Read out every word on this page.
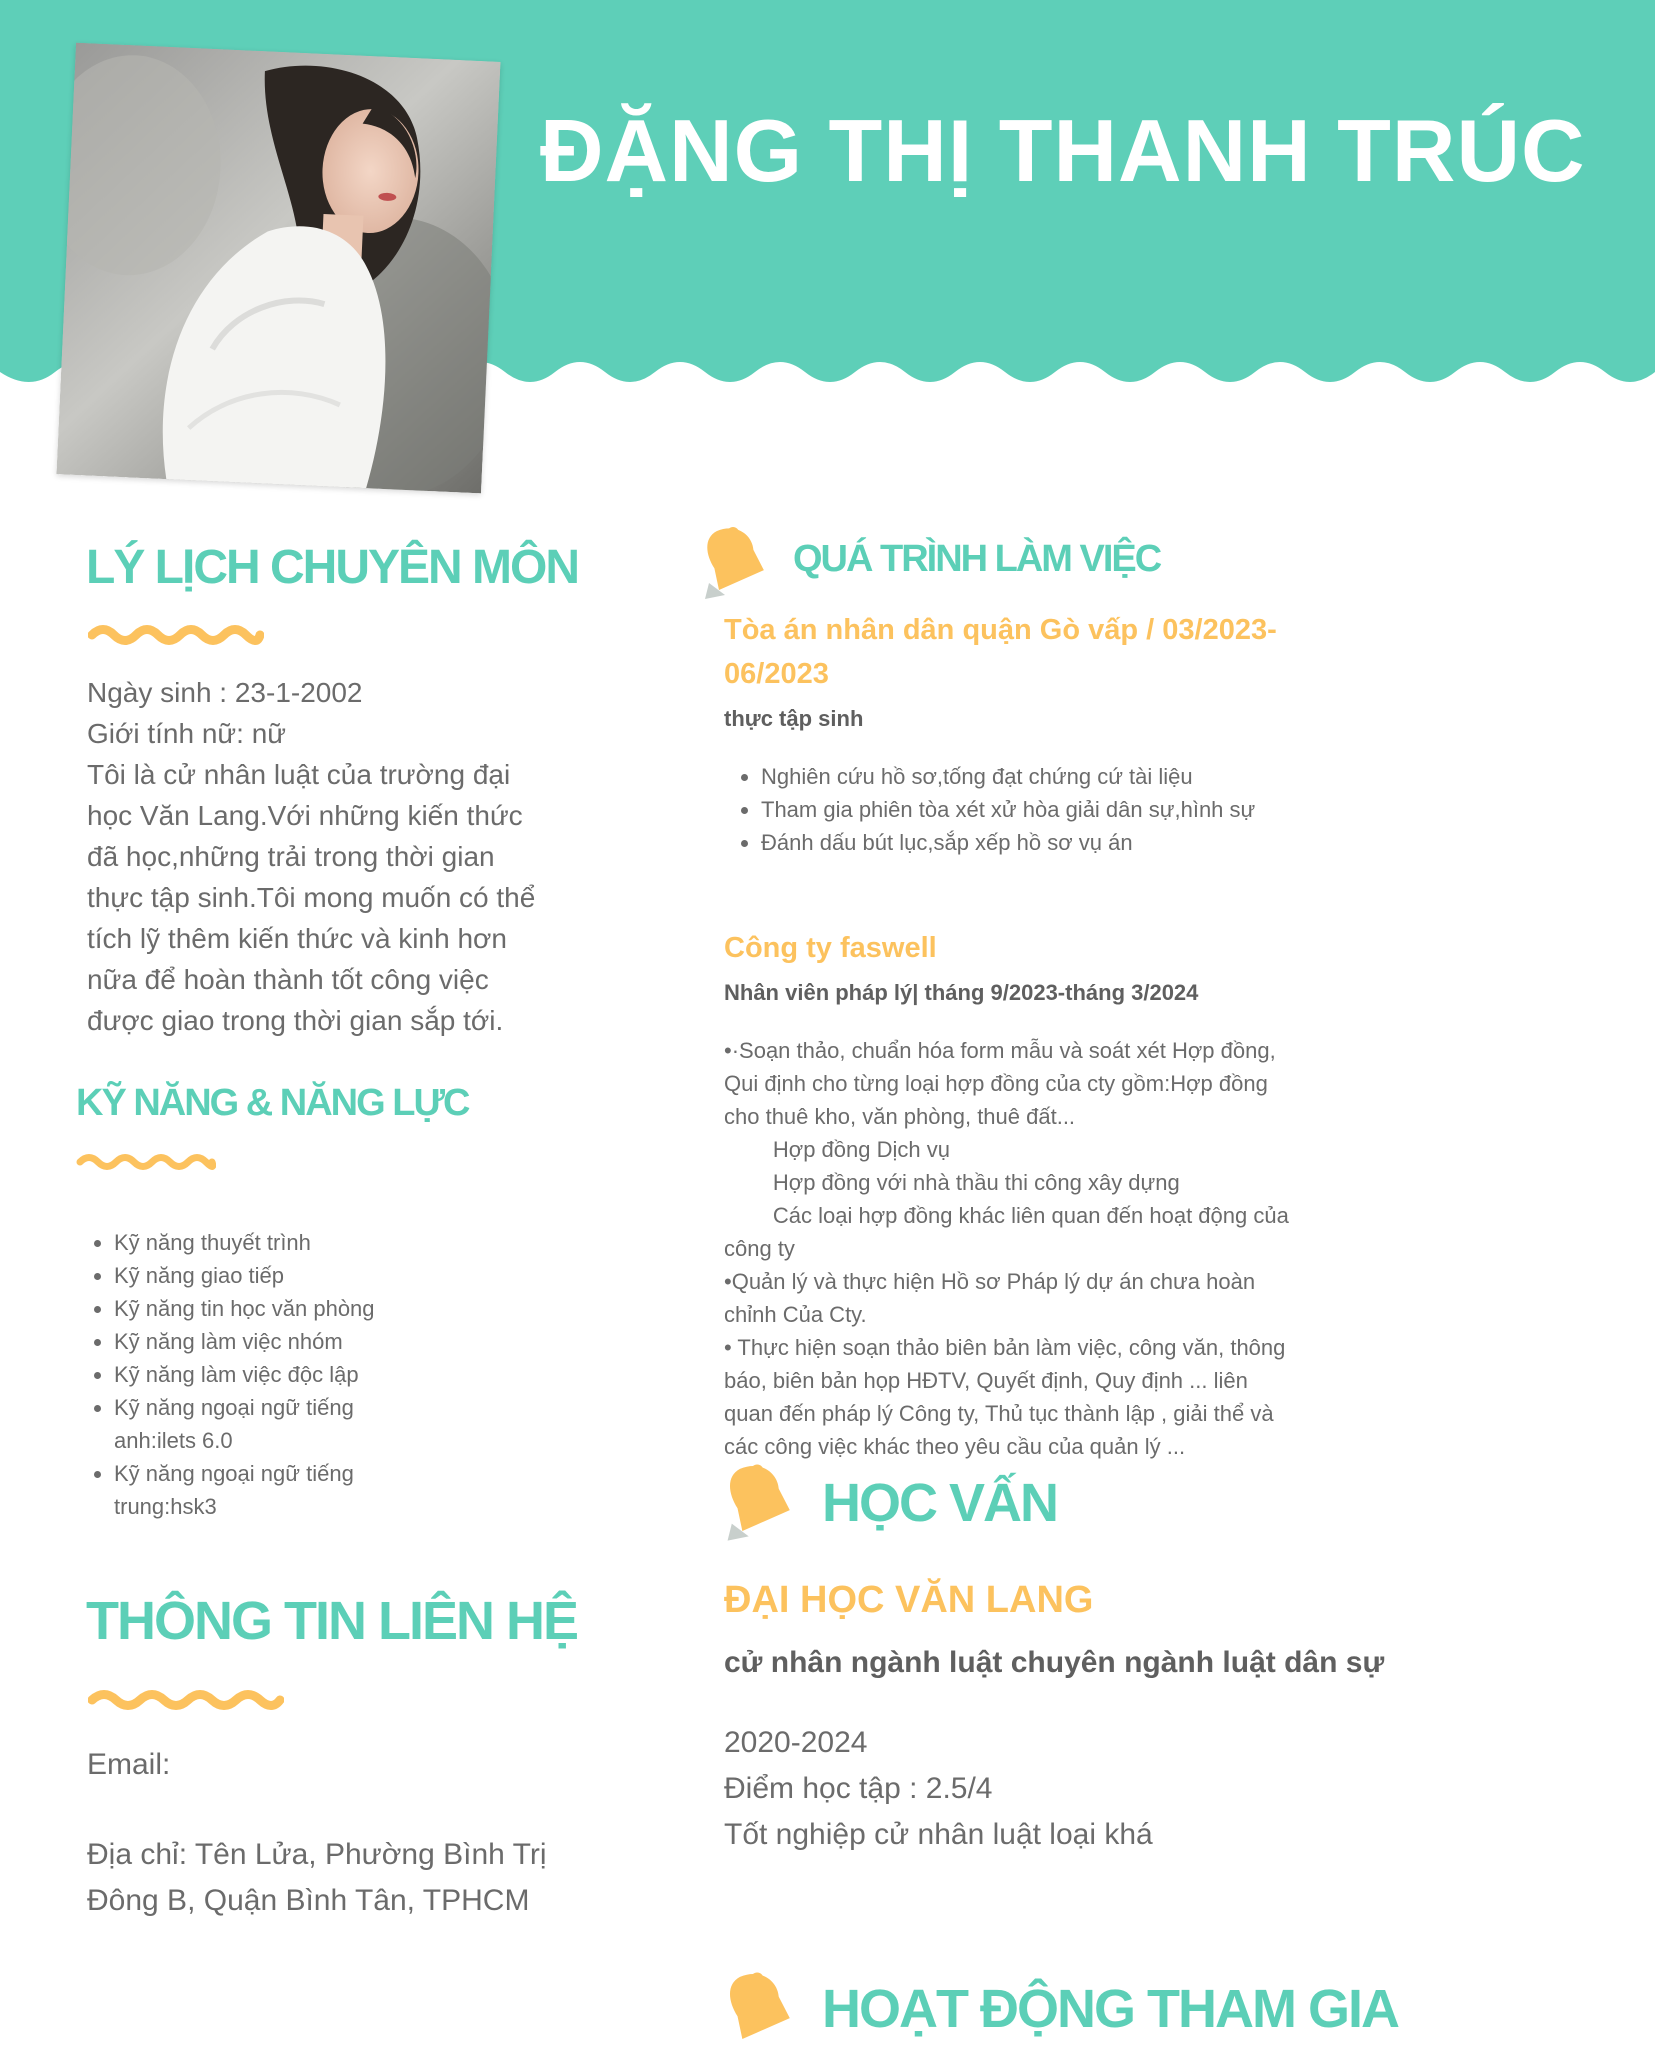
ĐẶNG THỊ THANH TRÚC
LÝ LỊCH CHUYÊN MÔN
Ngày sinh : 23-1-2002
Giới tính nữ: nữ
Tôi là cử nhân luật của trường đại
học Văn Lang.Với những kiến thức
đã học,những trải trong thời gian
thực tập sinh.Tôi mong muốn có thể
tích lỹ thêm kiến thức và kinh hơn
nữa để hoàn thành tốt công việc
được giao trong thời gian sắp tới.
KỸ NĂNG & NĂNG LỰC
• Kỹ năng thuyết trình
• Kỹ năng giao tiếp
• Kỹ năng tin học văn phòng
• Kỹ năng làm việc nhóm
• Kỹ năng làm việc độc lập
• Kỹ năng ngoại ngữ tiếng
anh:ilets 6.0
• Kỹ năng ngoại ngữ tiếng
trung:hsk3
THÔNG TIN LIÊN HỆ
Email:
Địa chỉ: Tên Lửa, Phường Bình Trị
Đông B, Quận Bình Tân, TPHCM
QUÁ TRÌNH LÀM VIỆC
Tòa án nhân dân quận Gò vấp / 03/2023-
06/2023
thực tập sinh
• Nghiên cứu hồ sơ,tống đạt chứng cứ tài liệu
• Tham gia phiên tòa xét xử hòa giải dân sự,hình sự
• Đánh dấu bút lục,sắp xếp hồ sơ vụ án
Công ty faswell
Nhân viên pháp lý| tháng 9/2023-tháng 3/2024
•·Soạn thảo, chuẩn hóa form mẫu và soát xét Hợp đồng,
Qui định cho từng loại hợp đồng của cty gồm:Hợp đồng
cho thuê kho, văn phòng, thuê đất...
Hợp đồng Dịch vụ
Hợp đồng với nhà thầu thi công xây dựng
Các loại hợp đồng khác liên quan đến hoạt động của
công ty
•Quản lý và thực hiện Hồ sơ Pháp lý dự án chưa hoàn
chỉnh Của Cty.
• Thực hiện soạn thảo biên bản làm việc, công văn, thông
báo, biên bản họp HĐTV, Quyết định, Quy định ... liên
quan đến pháp lý Công ty, Thủ tục thành lập , giải thể và
các công việc khác theo yêu cầu của quản lý ...
HỌC VẤN
ĐẠI HỌC VĂN LANG
cử nhân ngành luật chuyên ngành luật dân sự
2020-2024
Điểm học tập : 2.5/4
Tốt nghiệp cử nhân luật loại khá
HOẠT ĐỘNG THAM GIA
